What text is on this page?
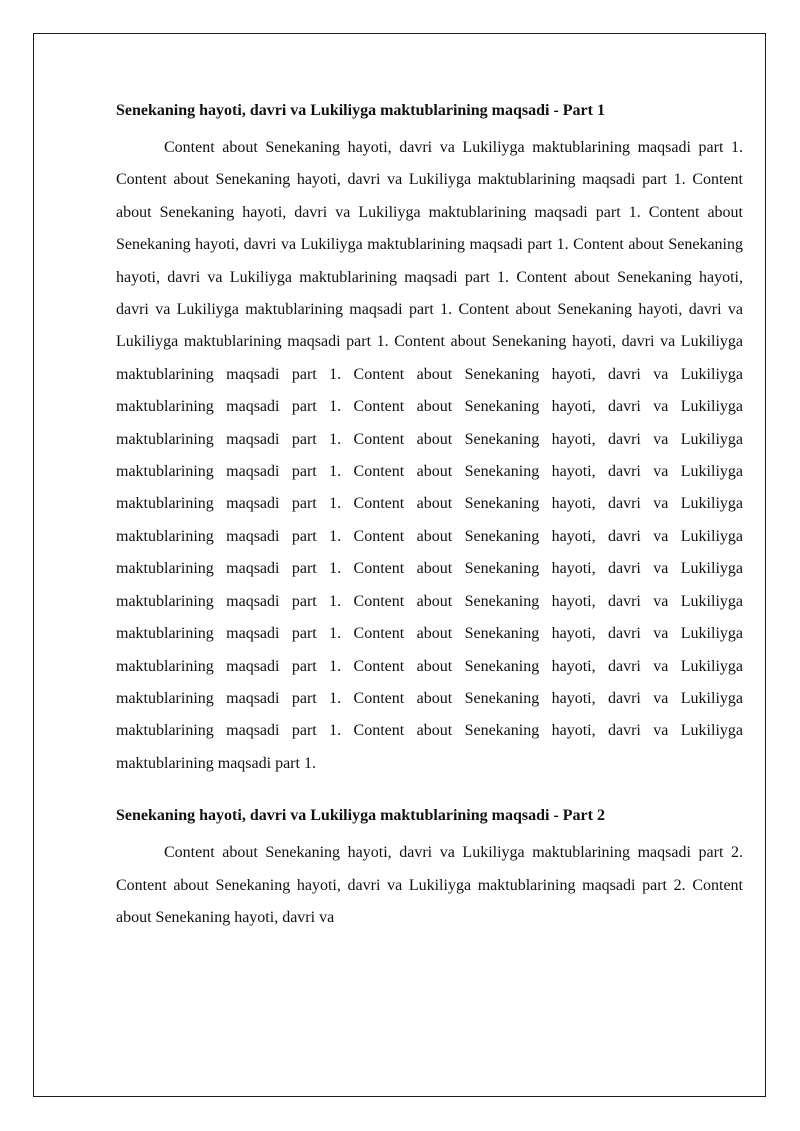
Senekaning hayoti, davri va Lukiliyga maktublarining maqsadi - Part 1

Content about Senekaning hayoti, davri va Lukiliyga maktublarining maqsadi part 1. Content about Senekaning hayoti, davri va Lukiliyga maktublarining maqsadi part 1. Content about Senekaning hayoti, davri va Lukiliyga maktublarining maqsadi part 1. Content about Senekaning hayoti, davri va Lukiliyga maktublarining maqsadi part 1. Content about Senekaning hayoti, davri va Lukiliyga maktublarining maqsadi part 1. Content about Senekaning hayoti, davri va Lukiliyga maktublarining maqsadi part 1. Content about Senekaning hayoti, davri va Lukiliyga maktublarining maqsadi part 1. Content about Senekaning hayoti, davri va Lukiliyga maktublarining maqsadi part 1. Content about Senekaning hayoti, davri va Lukiliyga maktublarining maqsadi part 1. Content about Senekaning hayoti, davri va Lukiliyga maktublarining maqsadi part 1. Content about Senekaning hayoti, davri va Lukiliyga maktublarining maqsadi part 1. Content about Senekaning hayoti, davri va Lukiliyga maktublarining maqsadi part 1. Content about Senekaning hayoti, davri va Lukiliyga maktublarining maqsadi part 1. Content about Senekaning hayoti, davri va Lukiliyga maktublarining maqsadi part 1. Content about Senekaning hayoti, davri va Lukiliyga maktublarining maqsadi part 1. Content about Senekaning hayoti, davri va Lukiliyga maktublarining maqsadi part 1. Content about Senekaning hayoti, davri va Lukiliyga maktublarining maqsadi part 1. Content about Senekaning hayoti, davri va Lukiliyga maktublarining maqsadi part 1. Content about Senekaning hayoti, davri va Lukiliyga maktublarining maqsadi part 1. Content about Senekaning hayoti, davri va Lukiliyga maktublarining maqsadi part 1.

Senekaning hayoti, davri va Lukiliyga maktublarining maqsadi - Part 2

Content about Senekaning hayoti, davri va Lukiliyga maktublarining maqsadi part 2. Content about Senekaning hayoti, davri va Lukiliyga maktublarining maqsadi part 2. Content about Senekaning hayoti, davri va
